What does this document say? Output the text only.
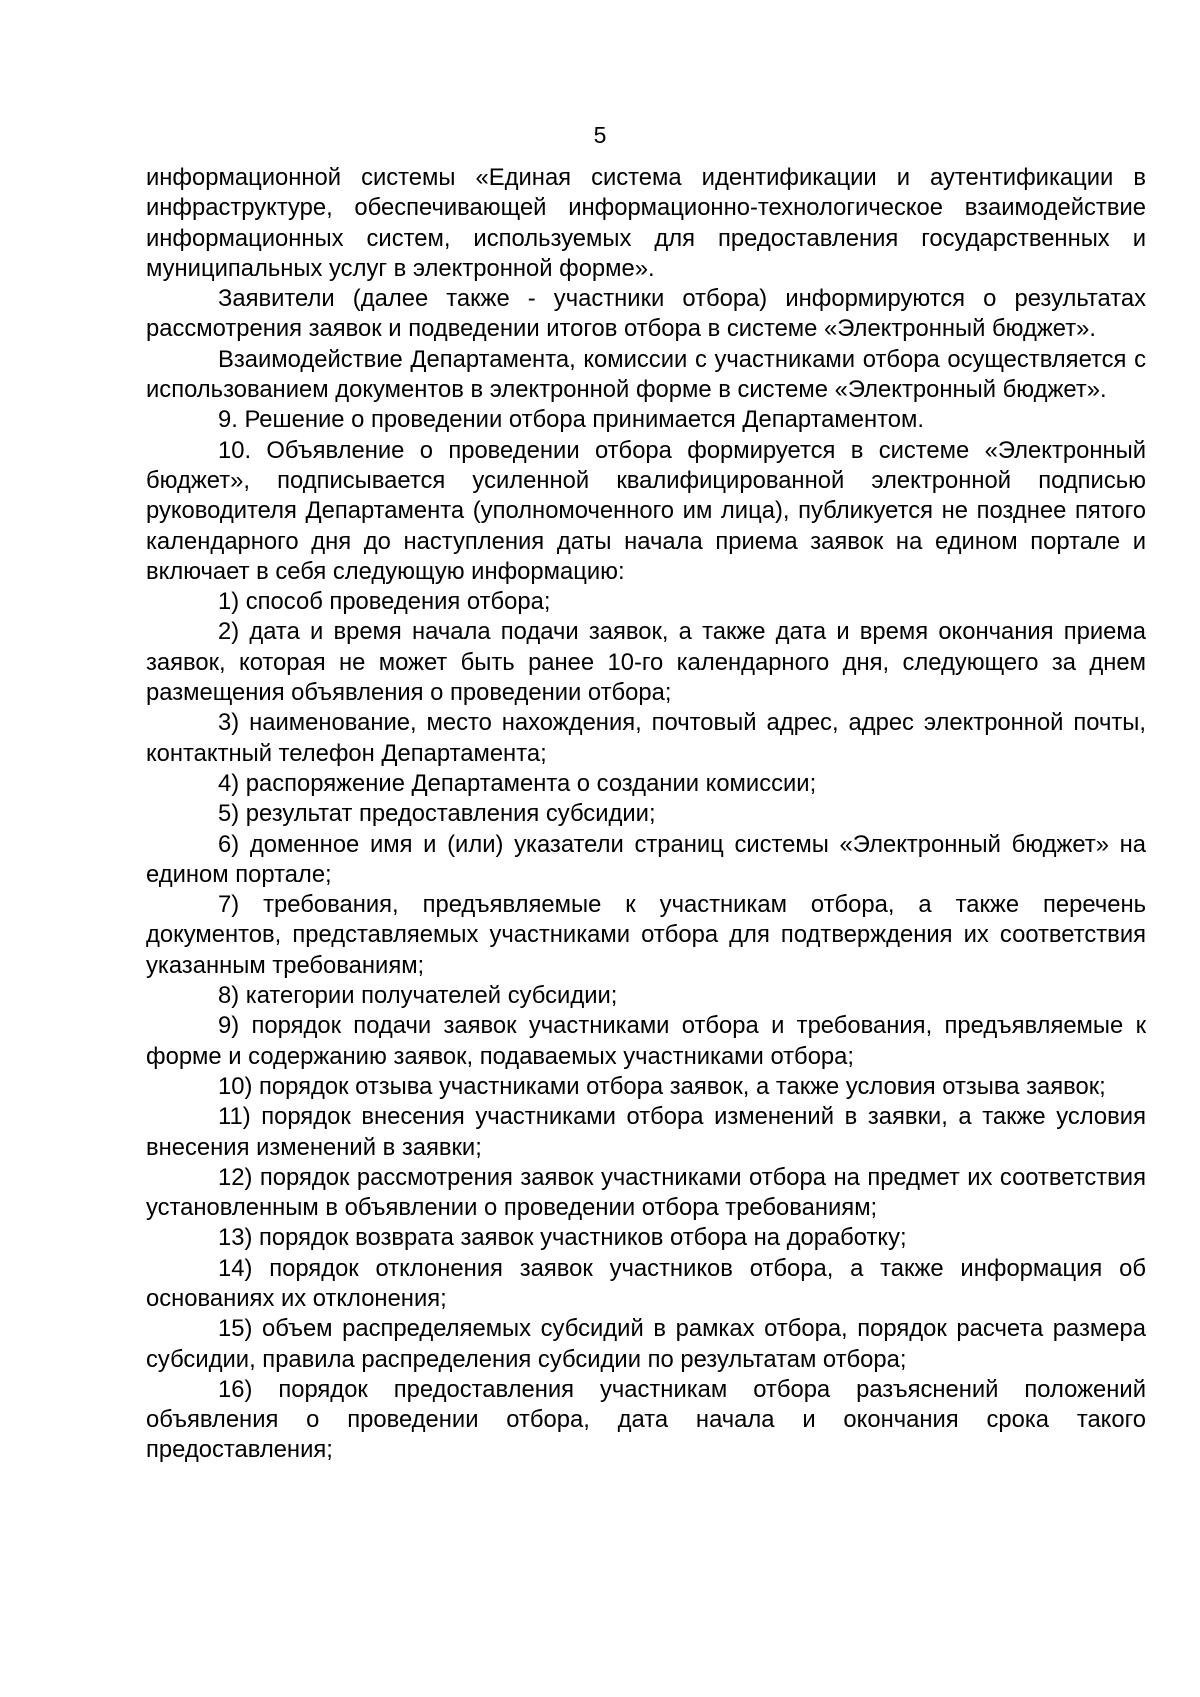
5

информационной системы «Единая система идентификации и аутентификации в инфраструктуре, обеспечивающей информационно-технологическое взаимодействие информационных систем, используемых для предоставления государственных и муниципальных услуг в электронной форме».

Заявители (далее также - участники отбора) информируются о результатах рассмотрения заявок и подведении итогов отбора в системе «Электронный бюджет».

Взаимодействие Департамента, комиссии с участниками отбора осуществляется с использованием документов в электронной форме в системе «Электронный бюджет».

9. Решение о проведении отбора принимается Департаментом.

10. Объявление о проведении отбора формируется в системе «Электронный бюджет», подписывается усиленной квалифицированной электронной подписью руководителя Департамента (уполномоченного им лица), публикуется не позднее пятого календарного дня до наступления даты начала приема заявок на едином портале и включает в себя следующую информацию:

1) способ проведения отбора;

2) дата и время начала подачи заявок, а также дата и время окончания приема заявок, которая не может быть ранее 10-го календарного дня, следующего за днем размещения объявления о проведении отбора;

3) наименование, место нахождения, почтовый адрес, адрес электронной почты, контактный телефон Департамента;

4) распоряжение Департамента о создании комиссии;

5) результат предоставления субсидии;

6) доменное имя и (или) указатели страниц системы «Электронный бюджет» на едином портале;

7) требования, предъявляемые к участникам отбора, а также перечень документов, представляемых участниками отбора для подтверждения их соответствия указанным требованиям;

8) категории получателей субсидии;

9) порядок подачи заявок участниками отбора и требования, предъявляемые к форме и содержанию заявок, подаваемых участниками отбора;

10) порядок отзыва участниками отбора заявок, а также условия отзыва заявок;

11) порядок внесения участниками отбора изменений в заявки, а также условия внесения изменений в заявки;

12) порядок рассмотрения заявок участниками отбора на предмет их соответствия установленным в объявлении о проведении отбора требованиям;

13) порядок возврата заявок участников отбора на доработку;

14) порядок отклонения заявок участников отбора, а также информация об основаниях их отклонения;

15) объем распределяемых субсидий в рамках отбора, порядок расчета размера субсидии, правила распределения субсидии по результатам отбора;

16) порядок предоставления участникам отбора разъяснений положений объявления о проведении отбора, дата начала и окончания срока такого предоставления;
